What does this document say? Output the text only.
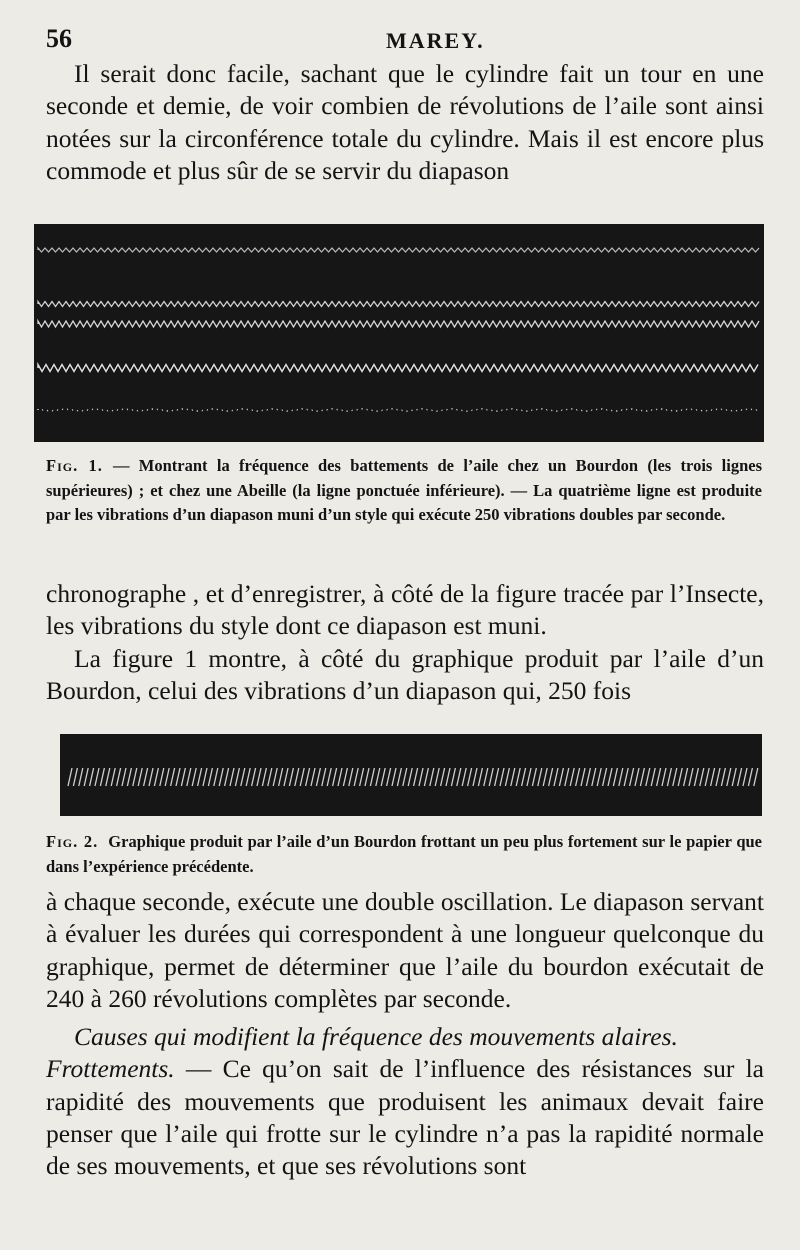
56	MAREY.

Il serait donc facile, sachant que le cylindre fait un tour en une seconde et demie, de voir combien de révolutions de l’aile sont ainsi notées sur la circonférence totale du cylindre. Mais il est encore plus commode et plus sûr de se servir du diapason

Fig. 1. — Montrant la fréquence des battements de l’aile chez un Bourdon (les trois lignes supérieures) ; et chez une Abeille (la ligne ponctuée inférieure). — La quatrième ligne est produite par les vibrations d’un diapason muni d’un style qui exécute 250 vibrations doubles par seconde.

chronographe , et d’enregistrer, à côté de la figure tracée par l’Insecte, les vibrations du style dont ce diapason est muni.

La figure 1 montre, à côté du graphique produit par l’aile d’un Bourdon, celui des vibrations d’un diapason qui, 250 fois

Fig. 2. Graphique produit par l’aile d’un Bourdon frottant un peu plus fortement sur le papier que dans l’expérience précédente.

à chaque seconde, exécute une double oscillation. Le diapason servant à évaluer les durées qui correspondent à une longueur quelconque du graphique, permet de déterminer que l’aile du bourdon exécutait de 240 à 260 révolutions complètes par seconde.

Causes qui modifient la fréquence des mouvements alaires.

Frottements. — Ce qu’on sait de l’influence des résistances sur la rapidité des mouvements que produisent les animaux devait faire penser que l’aile qui frotte sur le cylindre n’a pas la rapidité normale de ses mouvements, et que ses révolutions sont
